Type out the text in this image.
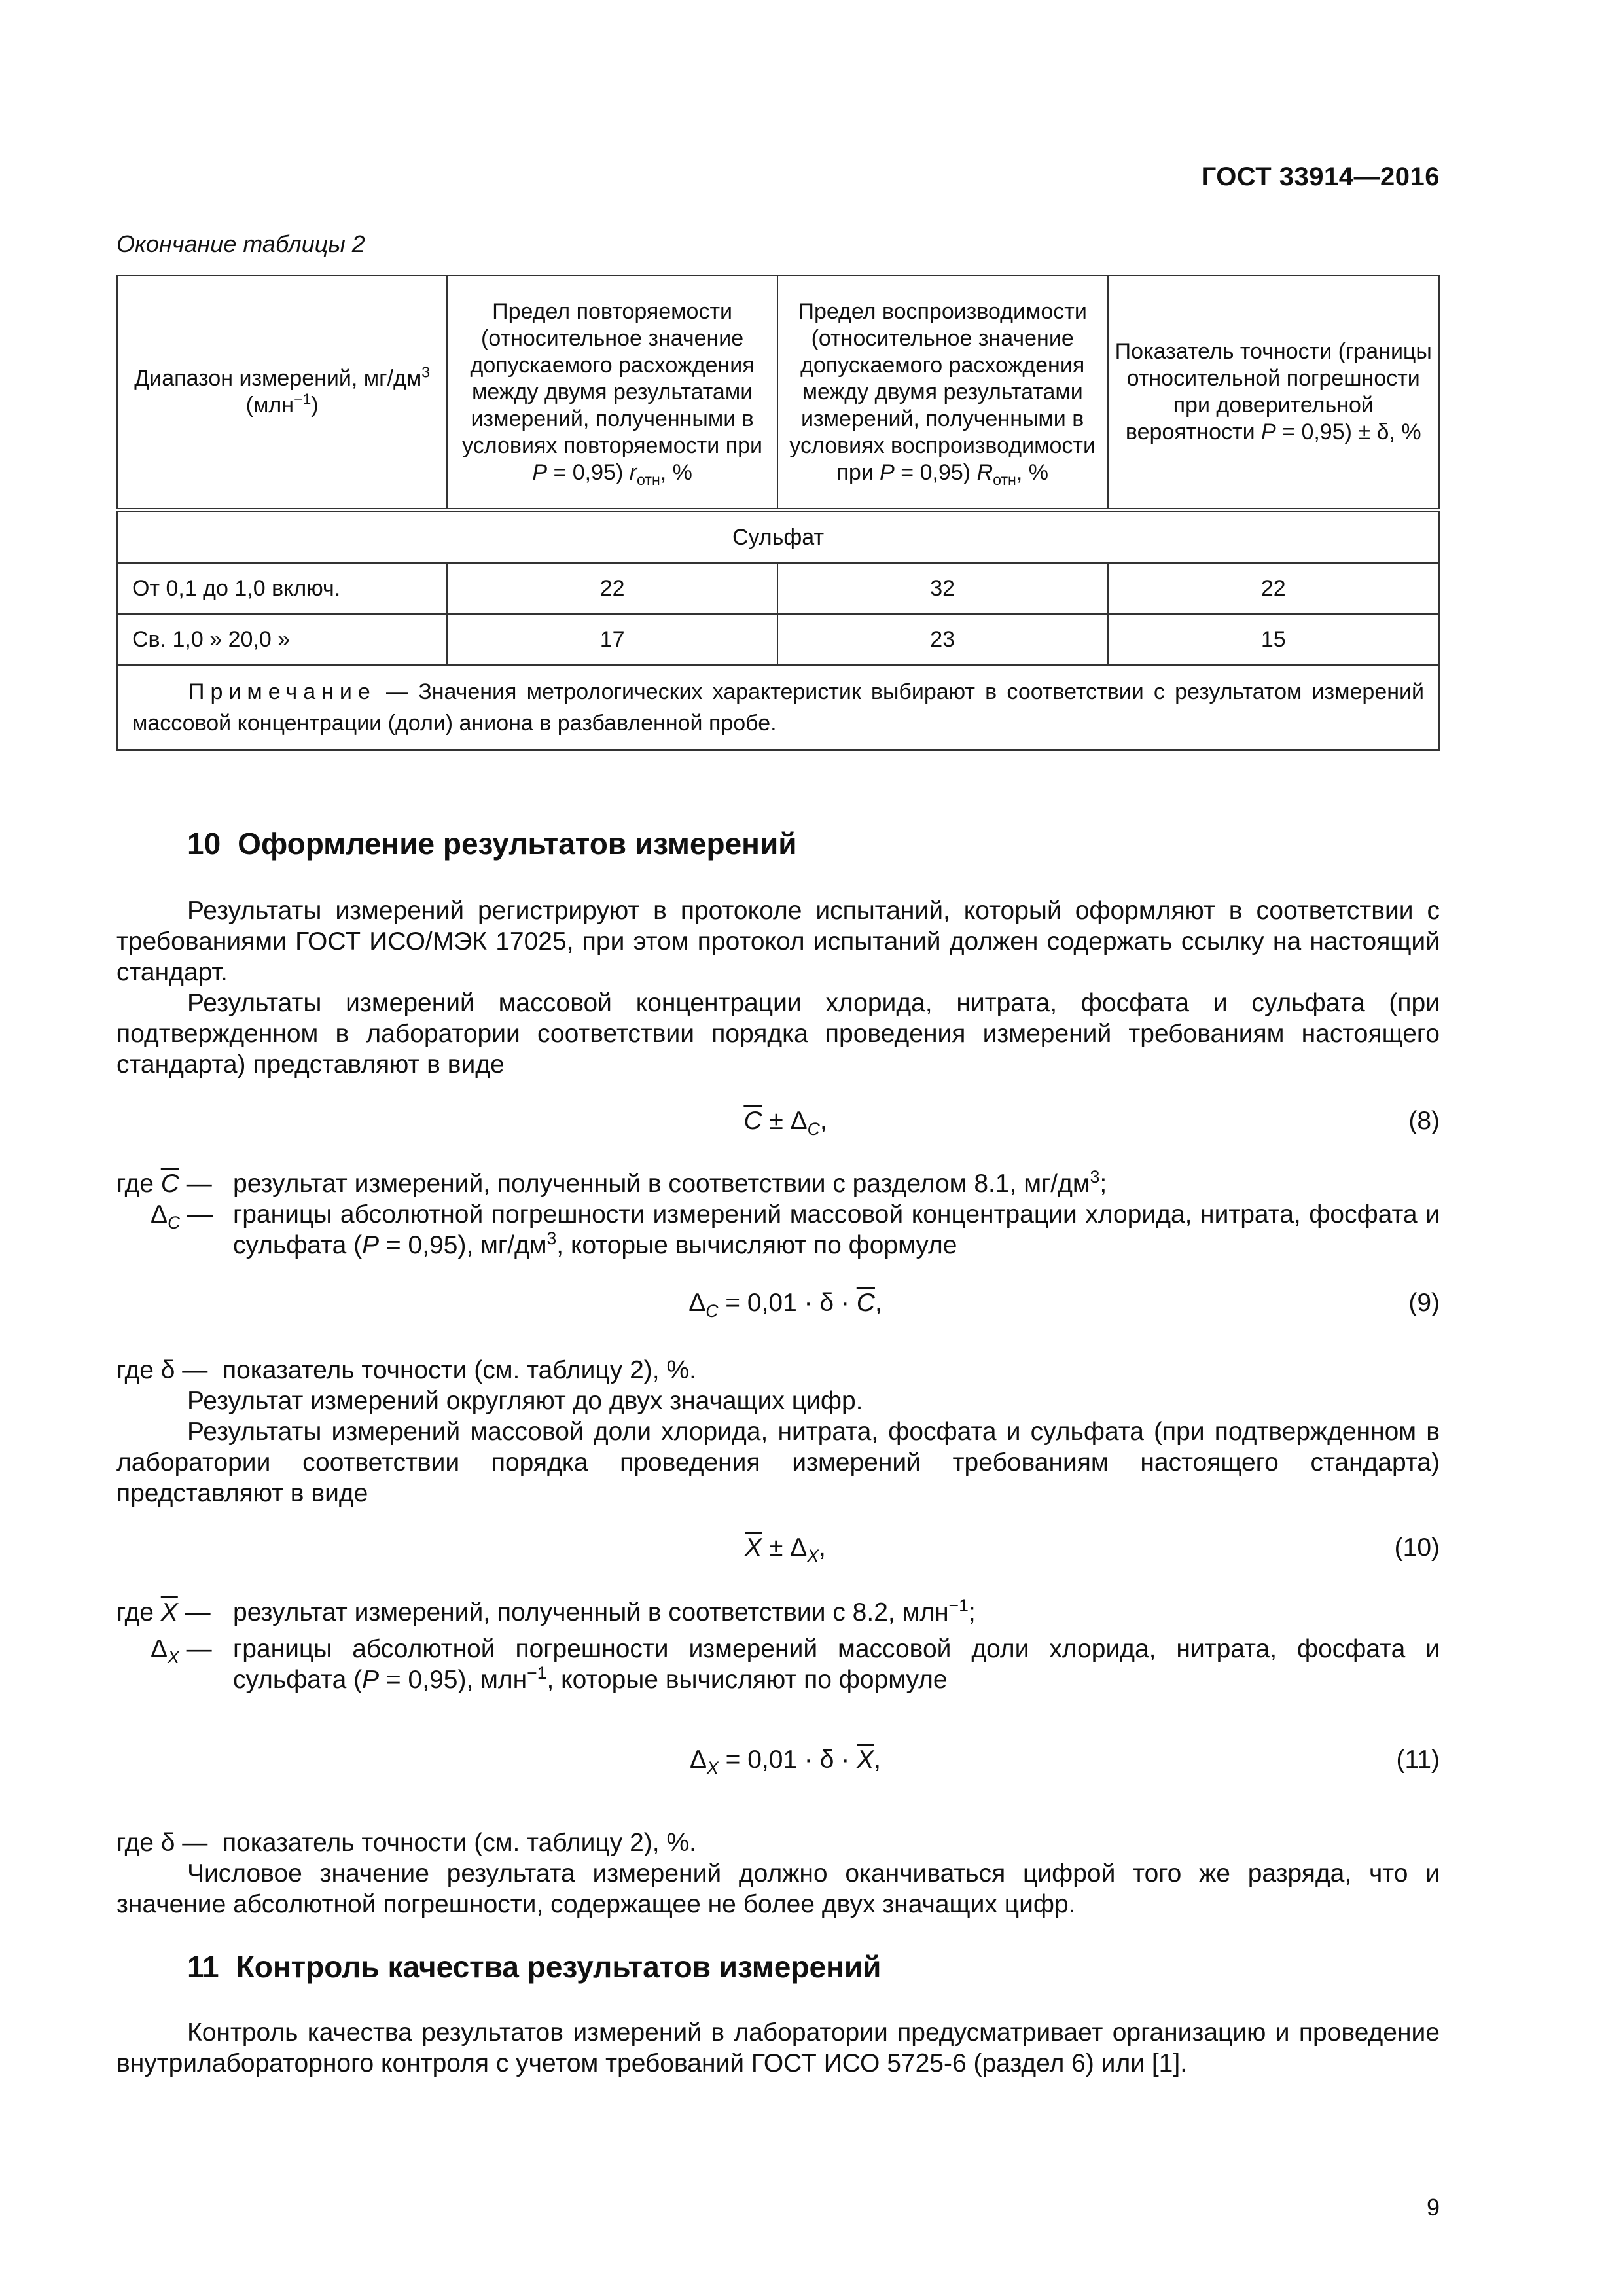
ГОСТ 33914—2016
Окончание таблицы 2
Диапазон измерений, $мг/дм^3$
(млн$^{-1}$)	Предел повторяемости (относительное значение допускаемого расхождения между двумя результатами измерений, полученными в условиях повторяемости при P = 0,95) $r_{отн}$, %	Предел воспроизводимости (относительное значение допускаемого расхождения между двумя результатами измерений, полученными в условиях воспроизводимости при P = 0,95) $R_{отн}$, %	Показатель точности (границы относительной погрешности при доверительной вероятности P = 0,95) ± δ, %
Сульфат			
От 0,1 до 1,0 включ.	22	32	22
Св. 1,0 » 20,0 »	17	23	15
Примечание — Значения метрологических характеристик выбирают в соответствии с результатом измерений массовой концентрации (доли) аниона в разбавленной пробе.			
10 Оформление результатов измерений
Результаты измерений регистрируют в протоколе испытаний, который оформляют в соответствии с требованиями ГОСТ ИСО/МЭК 17025, при этом протокол испытаний должен содержать ссылку на настоящий стандарт.
Результаты измерений массовой концентрации хлорида, нитрата, фосфата и сульфата (при подтвержденном в лаборатории соответствии порядка проведения измерений требованиям настоящего стандарта) представляют в виде
$\overline{C} \pm \Delta_C$,	(8)
где $\overline{C}$ — результат измерений, полученный в соответствии с разделом 8.1, $мг/дм^3$;
$\Delta_C$ — границы абсолютной погрешности измерений массовой концентрации хлорида, нитрата, фосфата и сульфата (P = 0,95), $мг/дм^3$, которые вычисляют по формуле
$\Delta_C = 0,01 \cdot \delta \cdot \overline{C}$,	(9)
где δ — показатель точности (см. таблицу 2), %.
Результат измерений округляют до двух значащих цифр.
Результаты измерений массовой доли хлорида, нитрата, фосфата и сульфата (при подтвержденном в лаборатории соответствии порядка проведения измерений требованиям настоящего стандарта) представляют в виде
$\overline{X} \pm \Delta_X$,	(10)
где $\overline{X}$ — результат измерений, полученный в соответствии с 8.2, млн$^{-1}$;
$\Delta_X$ — границы абсолютной погрешности измерений массовой доли хлорида, нитрата, фосфата и сульфата (P = 0,95), млн$^{-1}$, которые вычисляют по формуле
$\Delta_X = 0,01 \cdot \delta \cdot \overline{X}$,	(11)
где δ — показатель точности (см. таблицу 2), %.
Числовое значение результата измерений должно оканчиваться цифрой того же разряда, что и значение абсолютной погрешности, содержащее не более двух значащих цифр.
11 Контроль качества результатов измерений
Контроль качества результатов измерений в лаборатории предусматривает организацию и проведение внутрилабораторного контроля с учетом требований ГОСТ ИСО 5725-6 (раздел 6) или [1].
9
